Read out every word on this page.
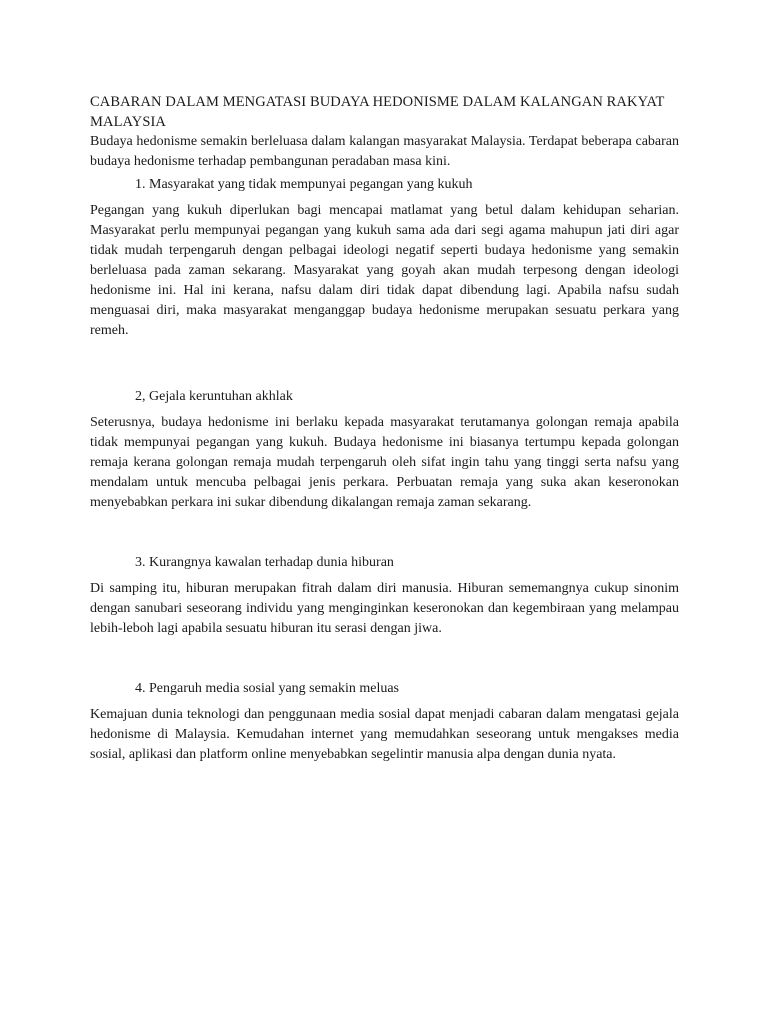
CABARAN DALAM MENGATASI BUDAYA HEDONISME DALAM KALANGAN RAKYAT MALAYSIA

Budaya hedonisme semakin berleluasa dalam kalangan masyarakat Malaysia. Terdapat beberapa cabaran budaya hedonisme terhadap pembangunan peradaban masa kini.

1. Masyarakat yang tidak mempunyai pegangan yang kukuh

Pegangan yang kukuh diperlukan bagi mencapai matlamat yang betul dalam kehidupan seharian. Masyarakat perlu mempunyai pegangan yang kukuh sama ada dari segi agama mahupun jati diri agar tidak mudah terpengaruh dengan pelbagai ideologi negatif seperti budaya hedonisme yang semakin berleluasa pada zaman sekarang. Masyarakat yang goyah akan mudah terpesong dengan ideologi hedonisme ini. Hal ini kerana, nafsu dalam diri tidak dapat dibendung lagi. Apabila nafsu sudah menguasai diri, maka masyarakat menganggap budaya hedonisme merupakan sesuatu perkara yang remeh.

2, Gejala keruntuhan akhlak

Seterusnya, budaya hedonisme ini berlaku kepada masyarakat terutamanya golongan remaja apabila tidak mempunyai pegangan yang kukuh. Budaya hedonisme ini biasanya tertumpu kepada golongan remaja kerana golongan remaja mudah terpengaruh oleh sifat ingin tahu yang tinggi serta nafsu yang mendalam untuk mencuba pelbagai jenis perkara. Perbuatan remaja yang suka akan keseronokan menyebabkan perkara ini sukar dibendung dikalangan remaja zaman sekarang.

3. Kurangnya kawalan terhadap dunia hiburan

Di samping itu, hiburan merupakan fitrah dalam diri manusia. Hiburan sememangnya cukup sinonim dengan sanubari seseorang individu yang menginginkan keseronokan dan kegembiraan yang melampau lebih-leboh lagi apabila sesuatu hiburan itu serasi dengan jiwa.

4. Pengaruh media sosial yang semakin meluas

Kemajuan dunia teknologi dan penggunaan media sosial dapat menjadi cabaran dalam mengatasi gejala hedonisme di Malaysia. Kemudahan internet yang memudahkan seseorang untuk mengakses media sosial, aplikasi dan platform online menyebabkan segelintir manusia alpa dengan dunia nyata.
